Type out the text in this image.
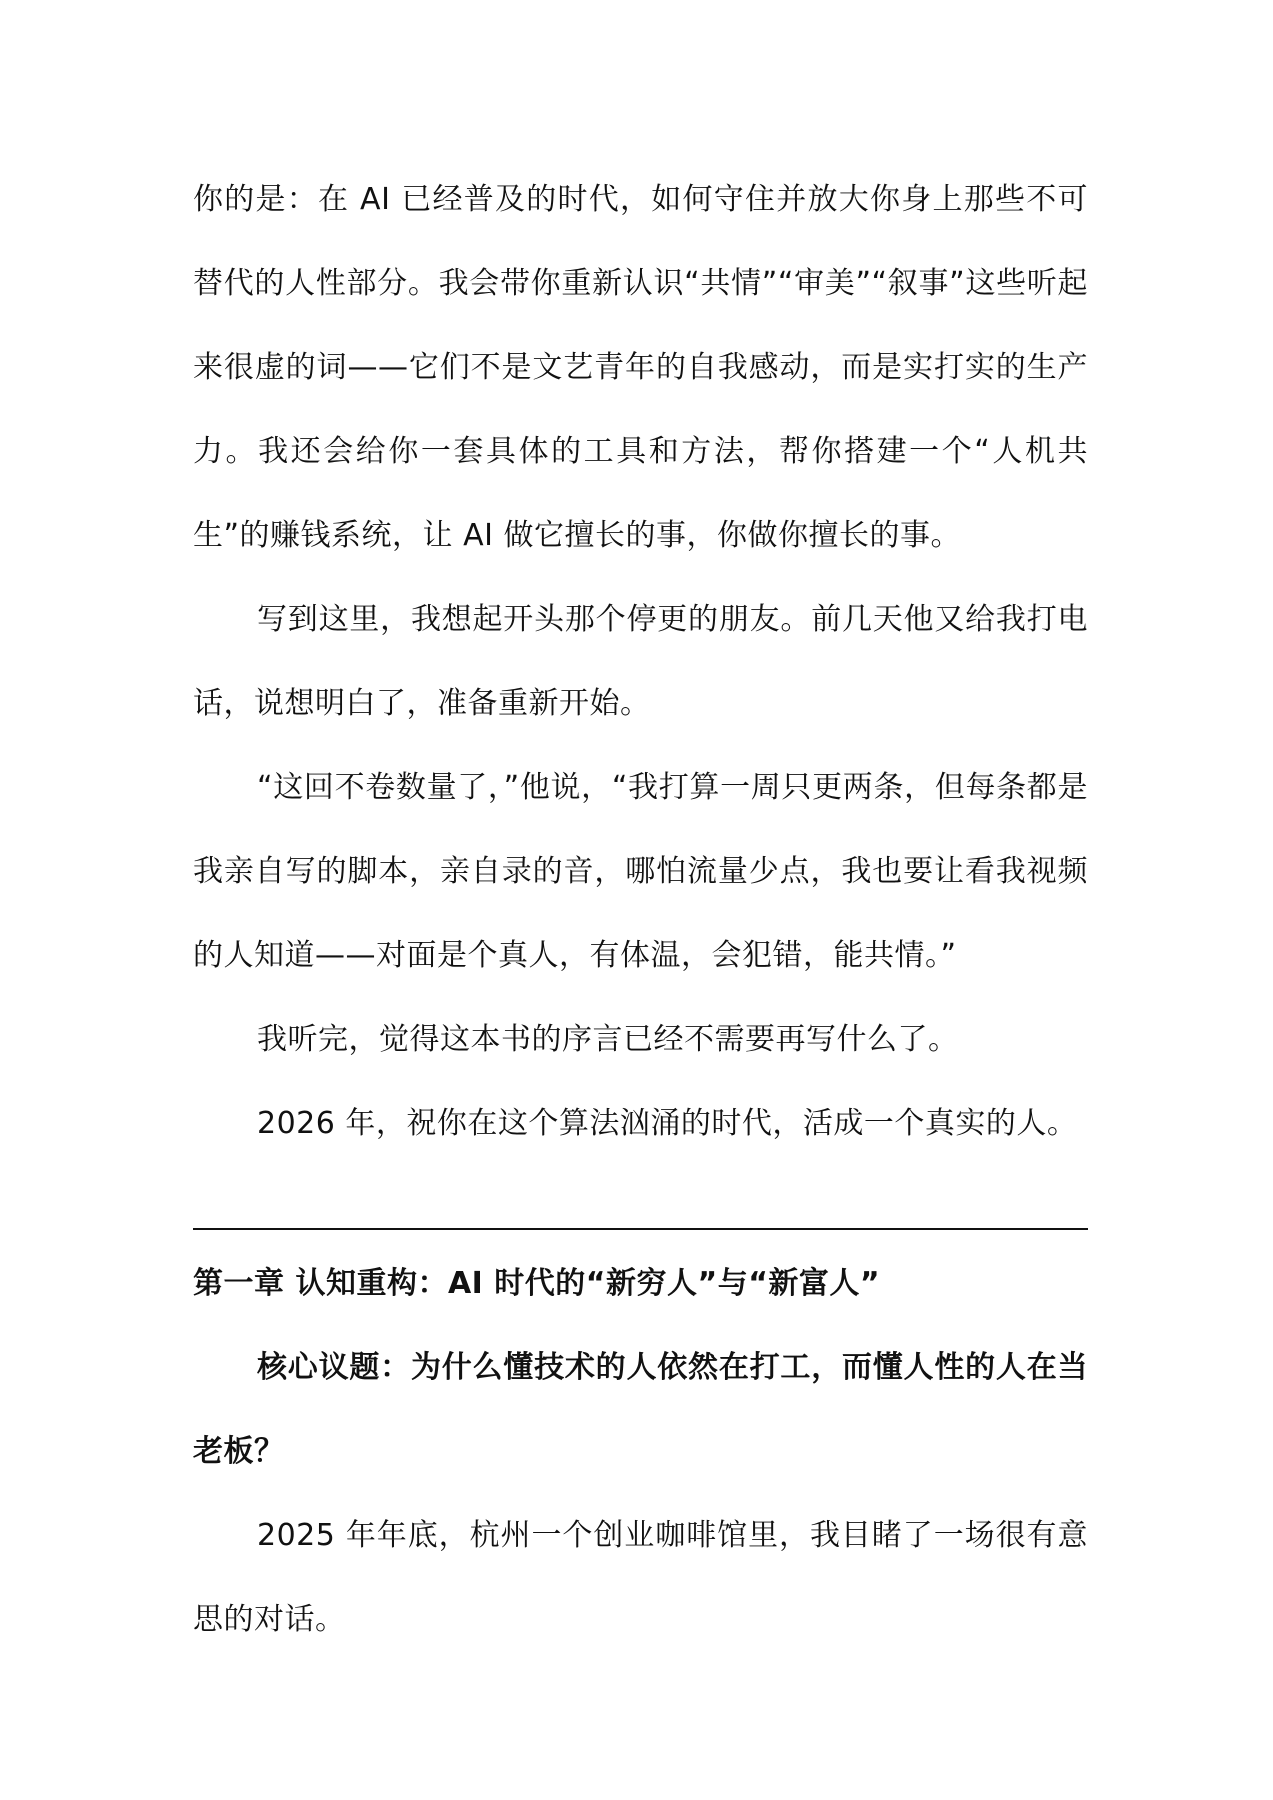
你的是：在 AI 已经普及的时代，如何守住并放大你身上那些不可替代的人性部分。我会带你重新认识“共情”“审美”“叙事”这些听起来很虚的词——它们不是文艺青年的自我感动，而是实打实的生产力。我还会给你一套具体的工具和方法，帮你搭建一个“人机共生”的赚钱系统，让 AI 做它擅长的事，你做你擅长的事。

写到这里，我想起开头那个停更的朋友。前几天他又给我打电话，说想明白了，准备重新开始。

“这回不卷数量了，”他说，“我打算一周只更两条，但每条都是我亲自写的脚本，亲自录的音，哪怕流量少点，我也要让看我视频的人知道——对面是个真人，有体温，会犯错，能共情。”

我听完，觉得这本书的序言已经不需要再写什么了。

2026 年，祝你在这个算法汹涌的时代，活成一个真实的人。

第一章 认知重构：AI 时代的“新穷人”与“新富人”

核心议题：为什么懂技术的人依然在打工，而懂人性的人在当老板？

2025 年年底，杭州一个创业咖啡馆里，我目睹了一场很有意思的对话。
